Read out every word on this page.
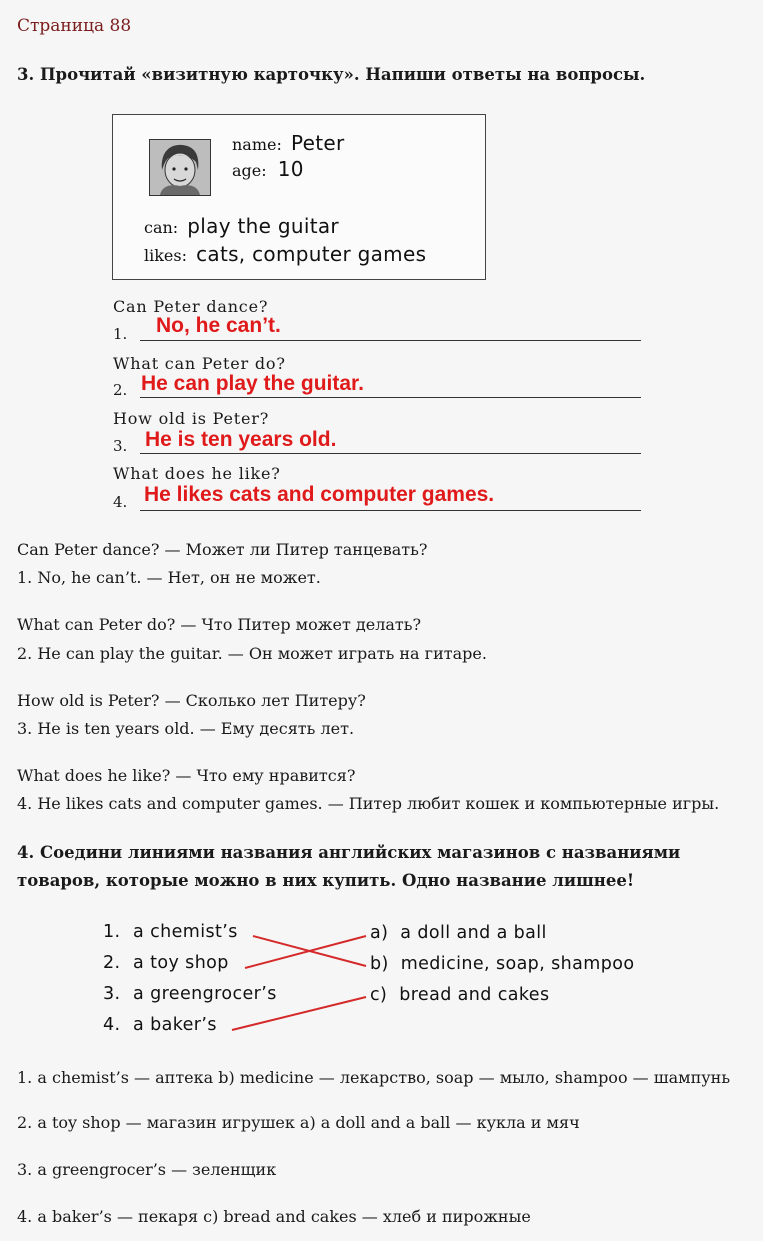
Страница 88
3. Прочитай «визитную карточку». Напиши ответы на вопросы.
name: Peter
age: 10
can: play the guitar
likes: cats, computer games
Can Peter dance?
1. No, he can’t.
What can Peter do?
2. He can play the guitar.
How old is Peter?
3. He is ten years old.
What does he like?
4. He likes cats and computer games.
Can Peter dance? — Может ли Питер танцевать?
1. No, he can’t. — Нет, он не может.
What can Peter do? — Что Питер может делать?
2. He can play the guitar. — Он может играть на гитаре.
How old is Peter? — Сколько лет Питеру?
3. He is ten years old. — Ему десять лет.
What does he like? — Что ему нравится?
4. He likes cats and computer games. — Питер любит кошек и компьютерные игры.
4. Соедини линиями названия английских магазинов с названиями
товаров, которые можно в них купить. Одно название лишнее!
1. a chemist’s
2. a toy shop
3. a greengrocer’s
4. a baker’s
a) a doll and a ball
b) medicine, soap, shampoo
c) bread and cakes
1. a chemist’s — аптека b) medicine — лекарство, soap — мыло, shampoo — шампунь
2. a toy shop — магазин игрушек a) a doll and a ball — кукла и мяч
3. a greengrocer’s — зеленщик
4. a baker’s — пекаря c) bread and cakes — хлеб и пирожные
